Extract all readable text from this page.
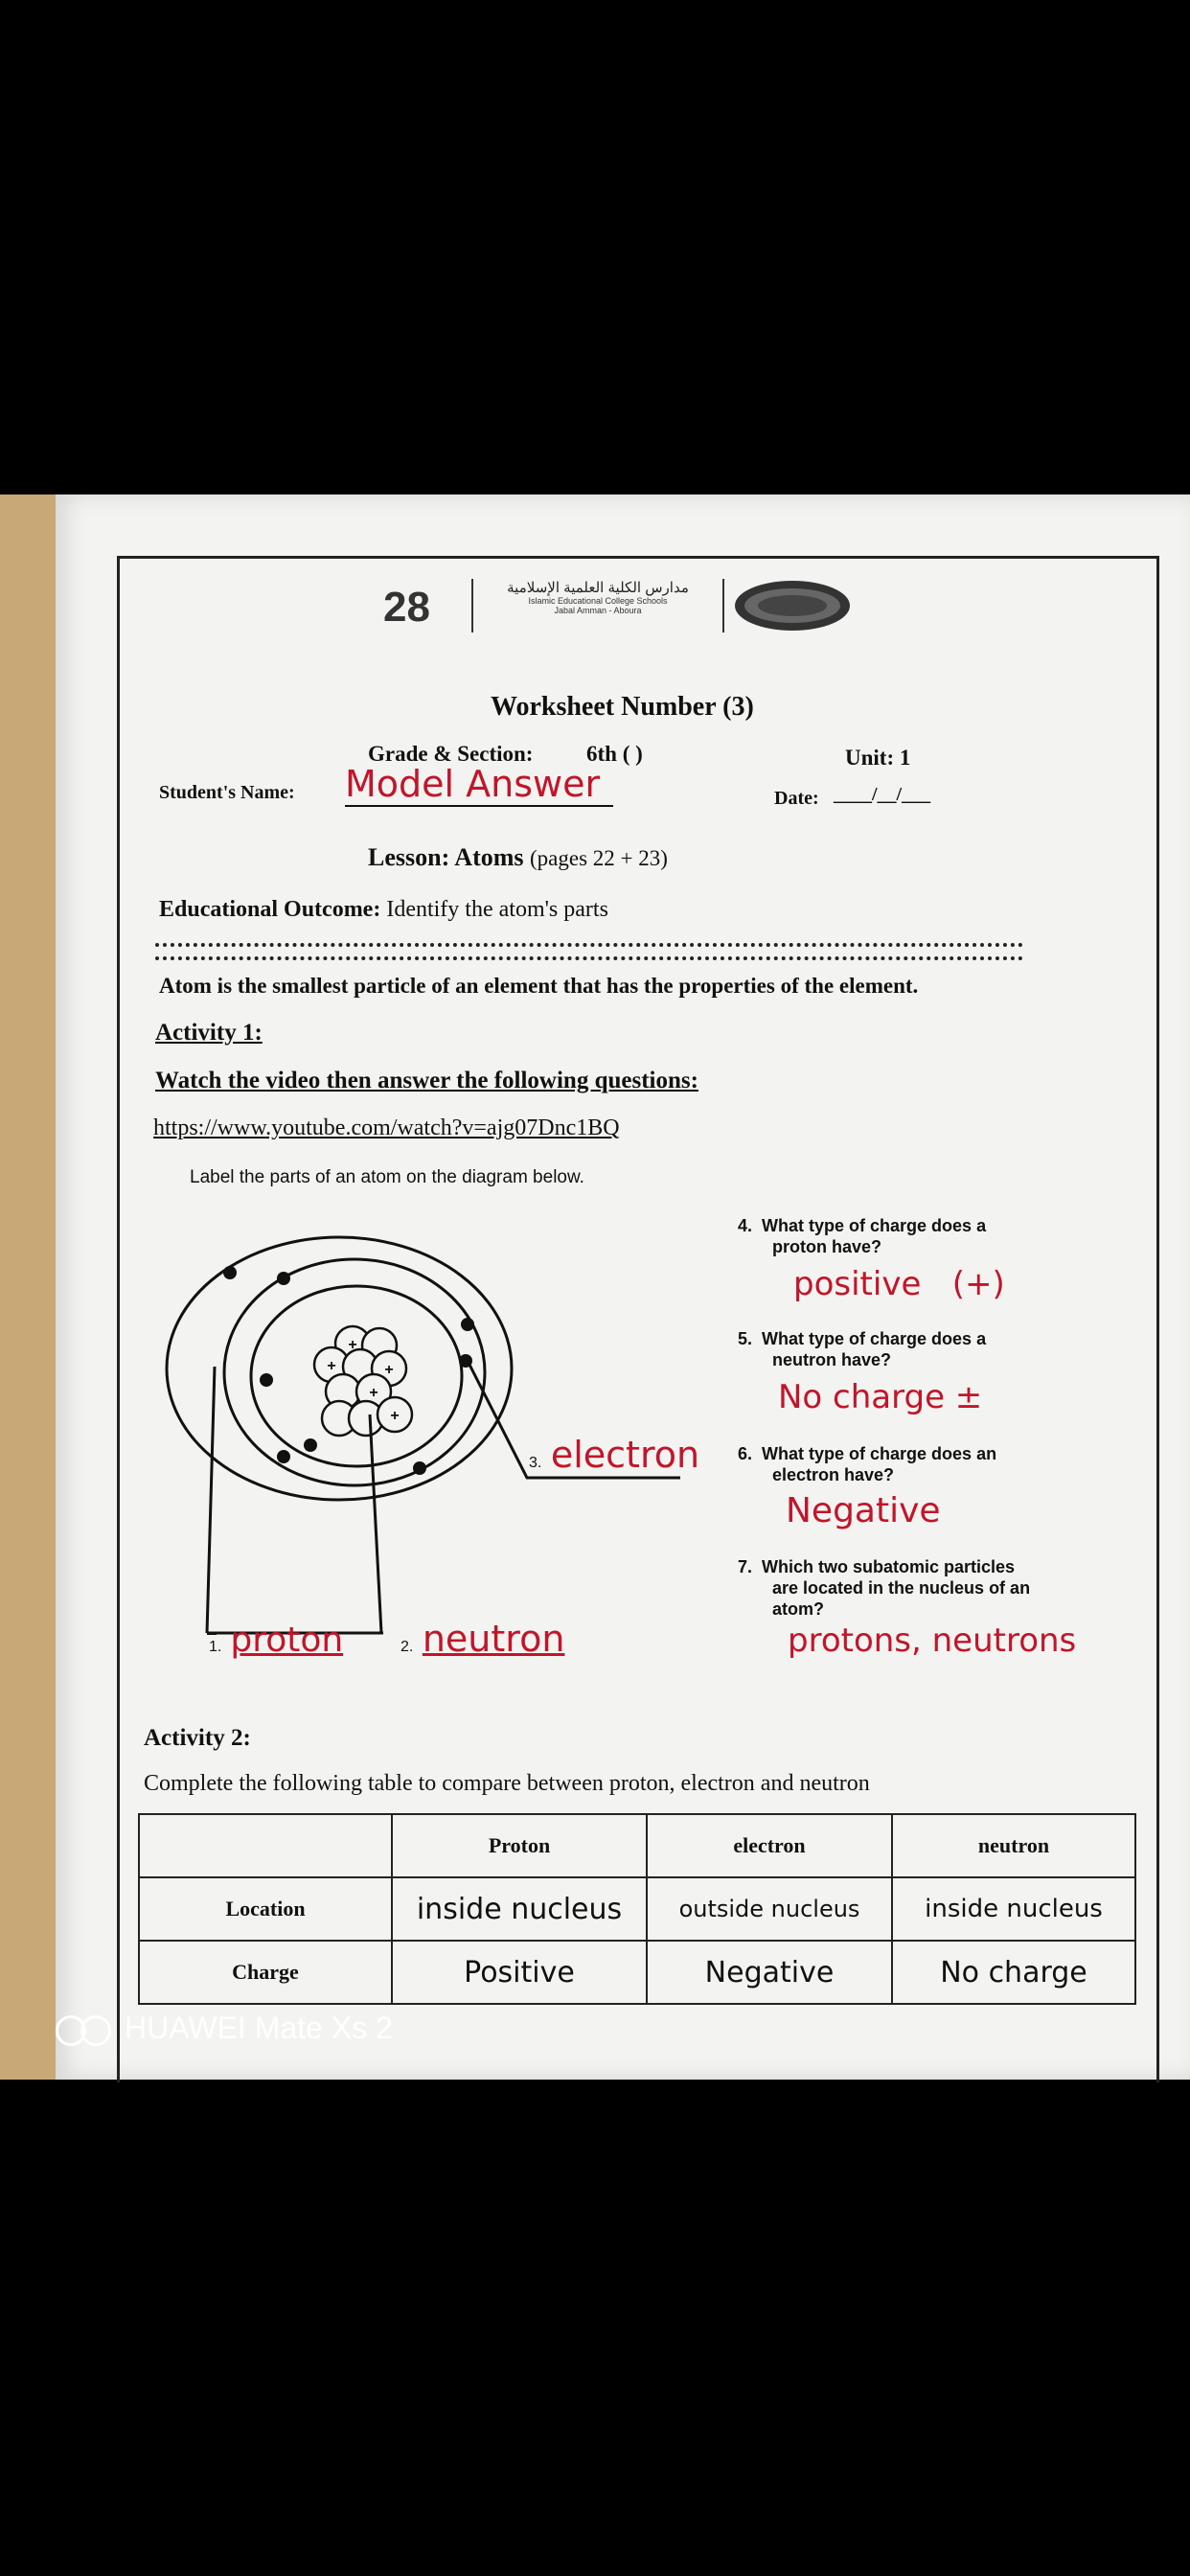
28	مدارس الكلية العلمية الإسلامية
Islamic Educational College Schools
Jabal Amman - Aboura
Worksheet Number (3)
Grade & Section: 6th ( )	Unit: 1
Student's Name: Model Answer	Date: ____/__/___
Lesson: Atoms (pages 22 + 23)
Educational Outcome: Identify the atom's parts
Atom is the smallest particle of an element that has the properties of the element.
Activity 1:
Watch the video then answer the following questions:
https://www.youtube.com/watch?v=ajg07Dnc1BQ
Label the parts of an atom on the diagram below.
+
+
+
+
+
1. proton	2. neutron
3. electron
4. What type of charge does a
proton have?
positive   (+)
5. What type of charge does a
neutron have?
No charge ±
6. What type of charge does an
electron have?
Negative
7. Which two subatomic particles
are located in the nucleus of an
atom?
protons, neutrons
Activity 2:
Complete the following table to compare between proton, electron and neutron
	Proton	electron	neutron
Location	inside nucleus	outside nucleus	inside nucleus
Charge	Positive	Negative	No charge
HUAWEI Mate Xs 2
